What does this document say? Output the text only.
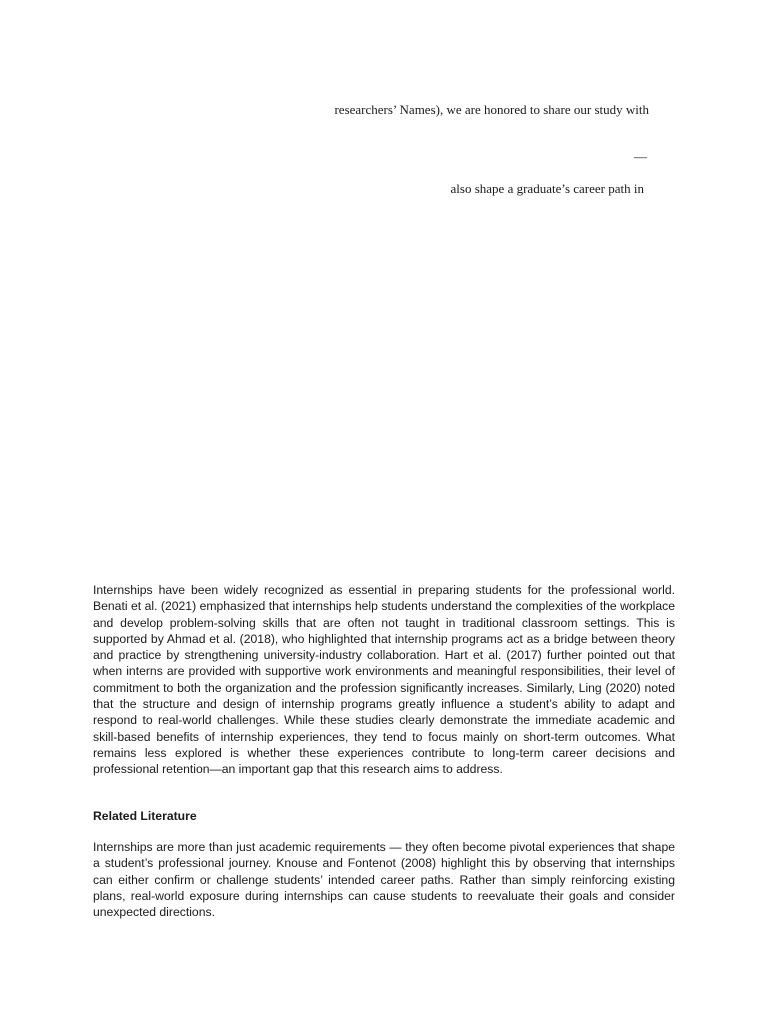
researchers’ Names), we are honored to share our study with
—
also shape a graduate’s career path in

Internships have been widely recognized as essential in preparing students for the professional world. Benati et al. (2021) emphasized that internships help students understand the complexities of the workplace and develop problem-solving skills that are often not taught in traditional classroom settings. This is supported by Ahmad et al. (2018), who highlighted that internship programs act as a bridge between theory and practice by strengthening university-industry collaboration. Hart et al. (2017) further pointed out that when interns are provided with supportive work environments and meaningful responsibilities, their level of commitment to both the organization and the profession significantly increases. Similarly, Ling (2020) noted that the structure and design of internship programs greatly influence a student’s ability to adapt and respond to real-world challenges. While these studies clearly demonstrate the immediate academic and skill-based benefits of internship experiences, they tend to focus mainly on short-term outcomes. What remains less explored is whether these experiences contribute to long-term career decisions and professional retention—an important gap that this research aims to address.

Related Literature

Internships are more than just academic requirements — they often become pivotal experiences that shape a student’s professional journey. Knouse and Fontenot (2008) highlight this by observing that internships can either confirm or challenge students’ intended career paths. Rather than simply reinforcing existing plans, real-world exposure during internships can cause students to reevaluate their goals and consider unexpected directions.
